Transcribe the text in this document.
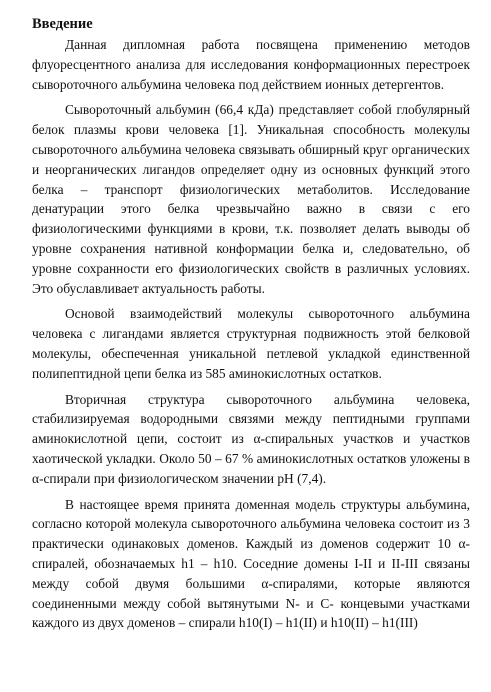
Введение

Данная дипломная работа посвящена применению методов флуоресцентного анализа для исследования конформационных перестроек сывороточного альбумина человека под действием ионных детергентов.

Сывороточный альбумин (66,4 кДа) представляет собой глобулярный белок плазмы крови человека [1]. Уникальная способность молекулы сывороточного альбумина человека связывать обширный круг органических и неорганических лигандов определяет одну из основных функций этого белка – транспорт физиологических метаболитов. Исследование денатурации этого белка чрезвычайно важно в связи с его физиологическими функциями в крови, т.к. позволяет делать выводы об уровне сохранения нативной конформации белка и, следовательно, об уровне сохранности его физиологических свойств в различных условиях. Это обуславливает актуальность работы.

Основой взаимодействий молекулы сывороточного альбумина человека с лигандами является структурная подвижность этой белковой молекулы, обеспеченная уникальной петлевой укладкой единственной полипептидной цепи белка из 585 аминокислотных остатков.

Вторичная структура сывороточного альбумина человека, стабилизируемая водородными связями между пептидными группами аминокислотной цепи, состоит из α-спиральных участков и участков хаотической укладки. Около 50 – 67 % аминокислотных остатков уложены в α-спирали при физиологическом значении pH (7,4).

В настоящее время принята доменная модель структуры альбумина, согласно которой молекула сывороточного альбумина человека состоит из 3 практически одинаковых доменов. Каждый из доменов содержит 10 α-спиралей, обозначаемых h1 – h10. Соседние домены I-II и II-III связаны между собой двумя большими α-спиралями, которые являются соединенными между собой вытянутыми N- и C- концевыми участками каждого из двух доменов – спирали h10(I) – h1(II) и h10(II) – h1(III)
